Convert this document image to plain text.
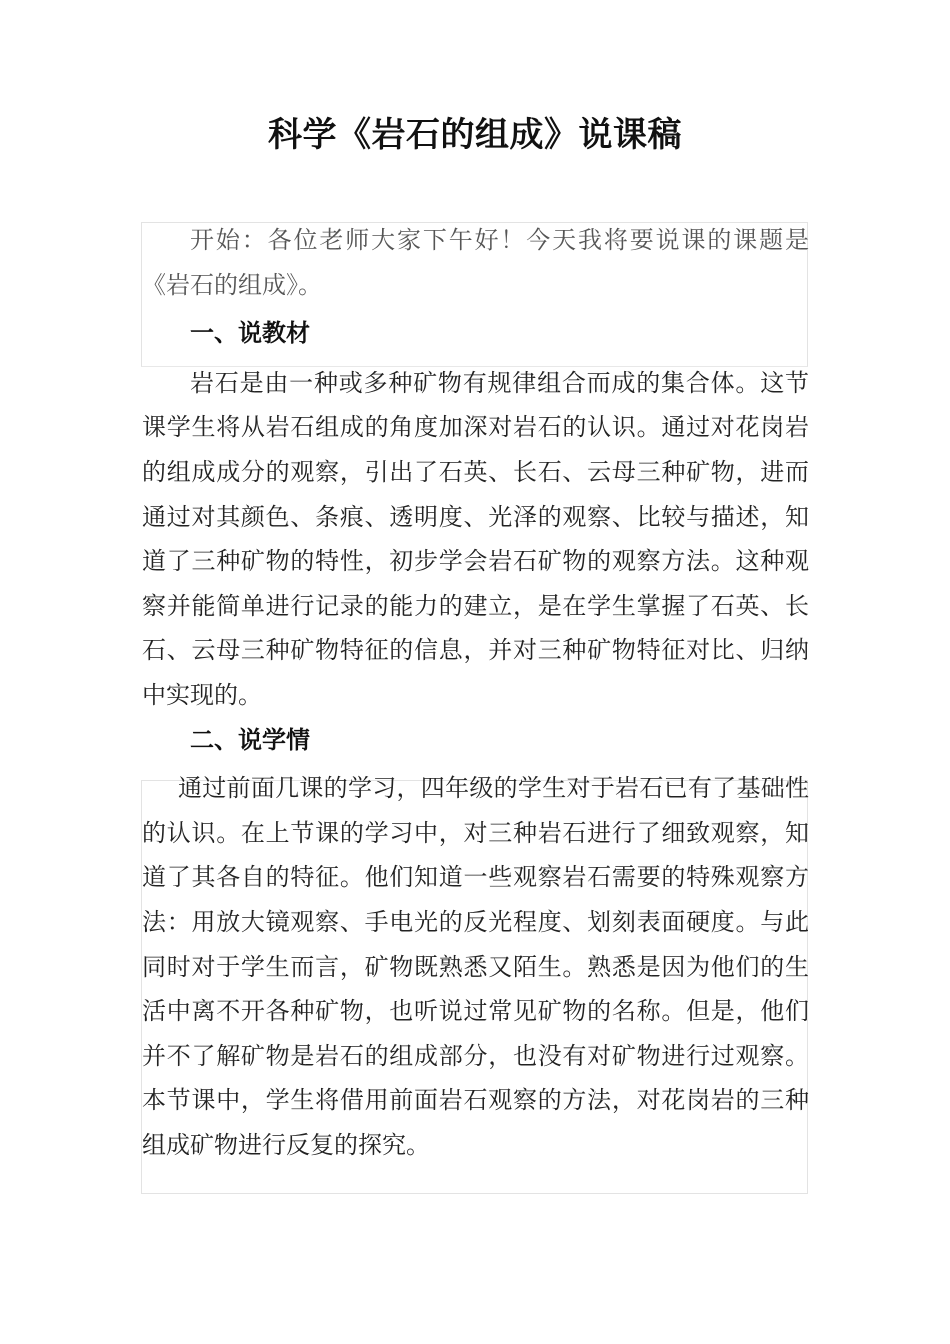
科学《岩石的组成》说课稿

开始：各位老师大家下午好！今天我将要说课的课题是《岩石的组成》。

一、说教材

岩石是由一种或多种矿物有规律组合而成的集合体。这节课学生将从岩石组成的角度加深对岩石的认识。通过对花岗岩的组成成分的观察，引出了石英、长石、云母三种矿物，进而通过对其颜色、条痕、透明度、光泽的观察、比较与描述，知道了三种矿物的特性，初步学会岩石矿物的观察方法。这种观察并能简单进行记录的能力的建立，是在学生掌握了石英、长石、云母三种矿物特征的信息，并对三种矿物特征对比、归纳中实现的。

二、说学情

通过前面几课的学习，四年级的学生对于岩石已有了基础性的认识。在上节课的学习中，对三种岩石进行了细致观察，知道了其各自的特征。他们知道一些观察岩石需要的特殊观察方法：用放大镜观察、手电光的反光程度、划刻表面硬度。与此同时对于学生而言，矿物既熟悉又陌生。熟悉是因为他们的生活中离不开各种矿物，也听说过常见矿物的名称。但是，他们并不了解矿物是岩石的组成部分，也没有对矿物进行过观察。本节课中，学生将借用前面岩石观察的方法，对花岗岩的三种组成矿物进行反复的探究。
